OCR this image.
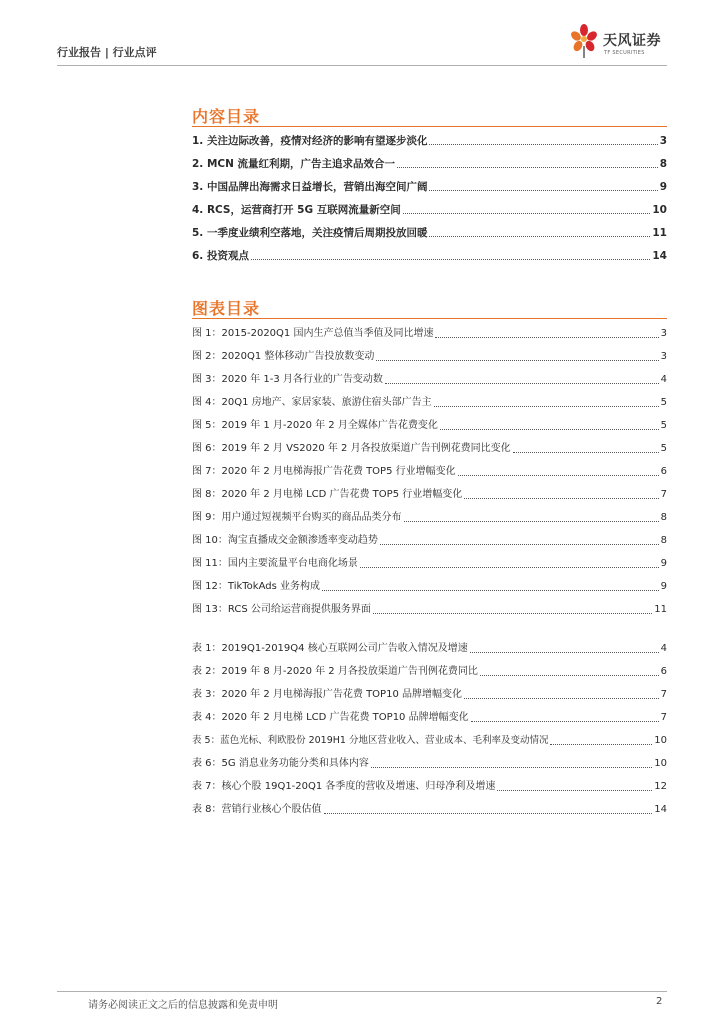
行业报告 | 行业点评
天风证券
TF SECURITIES
内容目录
1. 关注边际改善，疫情对经济的影响有望逐步淡化	3
2. MCN 流量红利期，广告主追求品效合一	8
3. 中国品牌出海需求日益增长，营销出海空间广阔	9
4. RCS，运营商打开 5G 互联网流量新空间	10
5. 一季度业绩利空落地，关注疫情后周期投放回暖	11
6. 投资观点	14
图表目录
图 1：2015-2020Q1 国内生产总值当季值及同比增速	3
图 2：2020Q1 整体移动广告投放数变动	3
图 3：2020 年 1-3 月各行业的广告变动数	4
图 4：20Q1 房地产、家居家装、旅游住宿头部广告主	5
图 5：2019 年 1 月-2020 年 2 月全媒体广告花费变化	5
图 6：2019 年 2 月 VS2020 年 2 月各投放渠道广告刊例花费同比变化	5
图 7：2020 年 2 月电梯海报广告花费 TOP5 行业增幅变化	6
图 8：2020 年 2 月电梯 LCD 广告花费 TOP5 行业增幅变化	7
图 9：用户通过短视频平台购买的商品品类分布	8
图 10：淘宝直播成交金额渗透率变动趋势	8
图 11：国内主要流量平台电商化场景	9
图 12：TikTokAds 业务构成	9
图 13：RCS 公司给运营商提供服务界面	11
表 1：2019Q1-2019Q4 核心互联网公司广告收入情况及增速	4
表 2：2019 年 8 月-2020 年 2 月各投放渠道广告刊例花费同比	6
表 3：2020 年 2 月电梯海报广告花费 TOP10 品牌增幅变化	7
表 4：2020 年 2 月电梯 LCD 广告花费 TOP10 品牌增幅变化	7
表 5：蓝色光标、利欧股份 2019H1 分地区营业收入、营业成本、毛利率及变动情况	10
表 6：5G 消息业务功能分类和具体内容	10
表 7：核心个股 19Q1-20Q1 各季度的营收及增速、归母净利及增速	12
表 8：营销行业核心个股估值	14
请务必阅读正文之后的信息披露和免责申明	2
